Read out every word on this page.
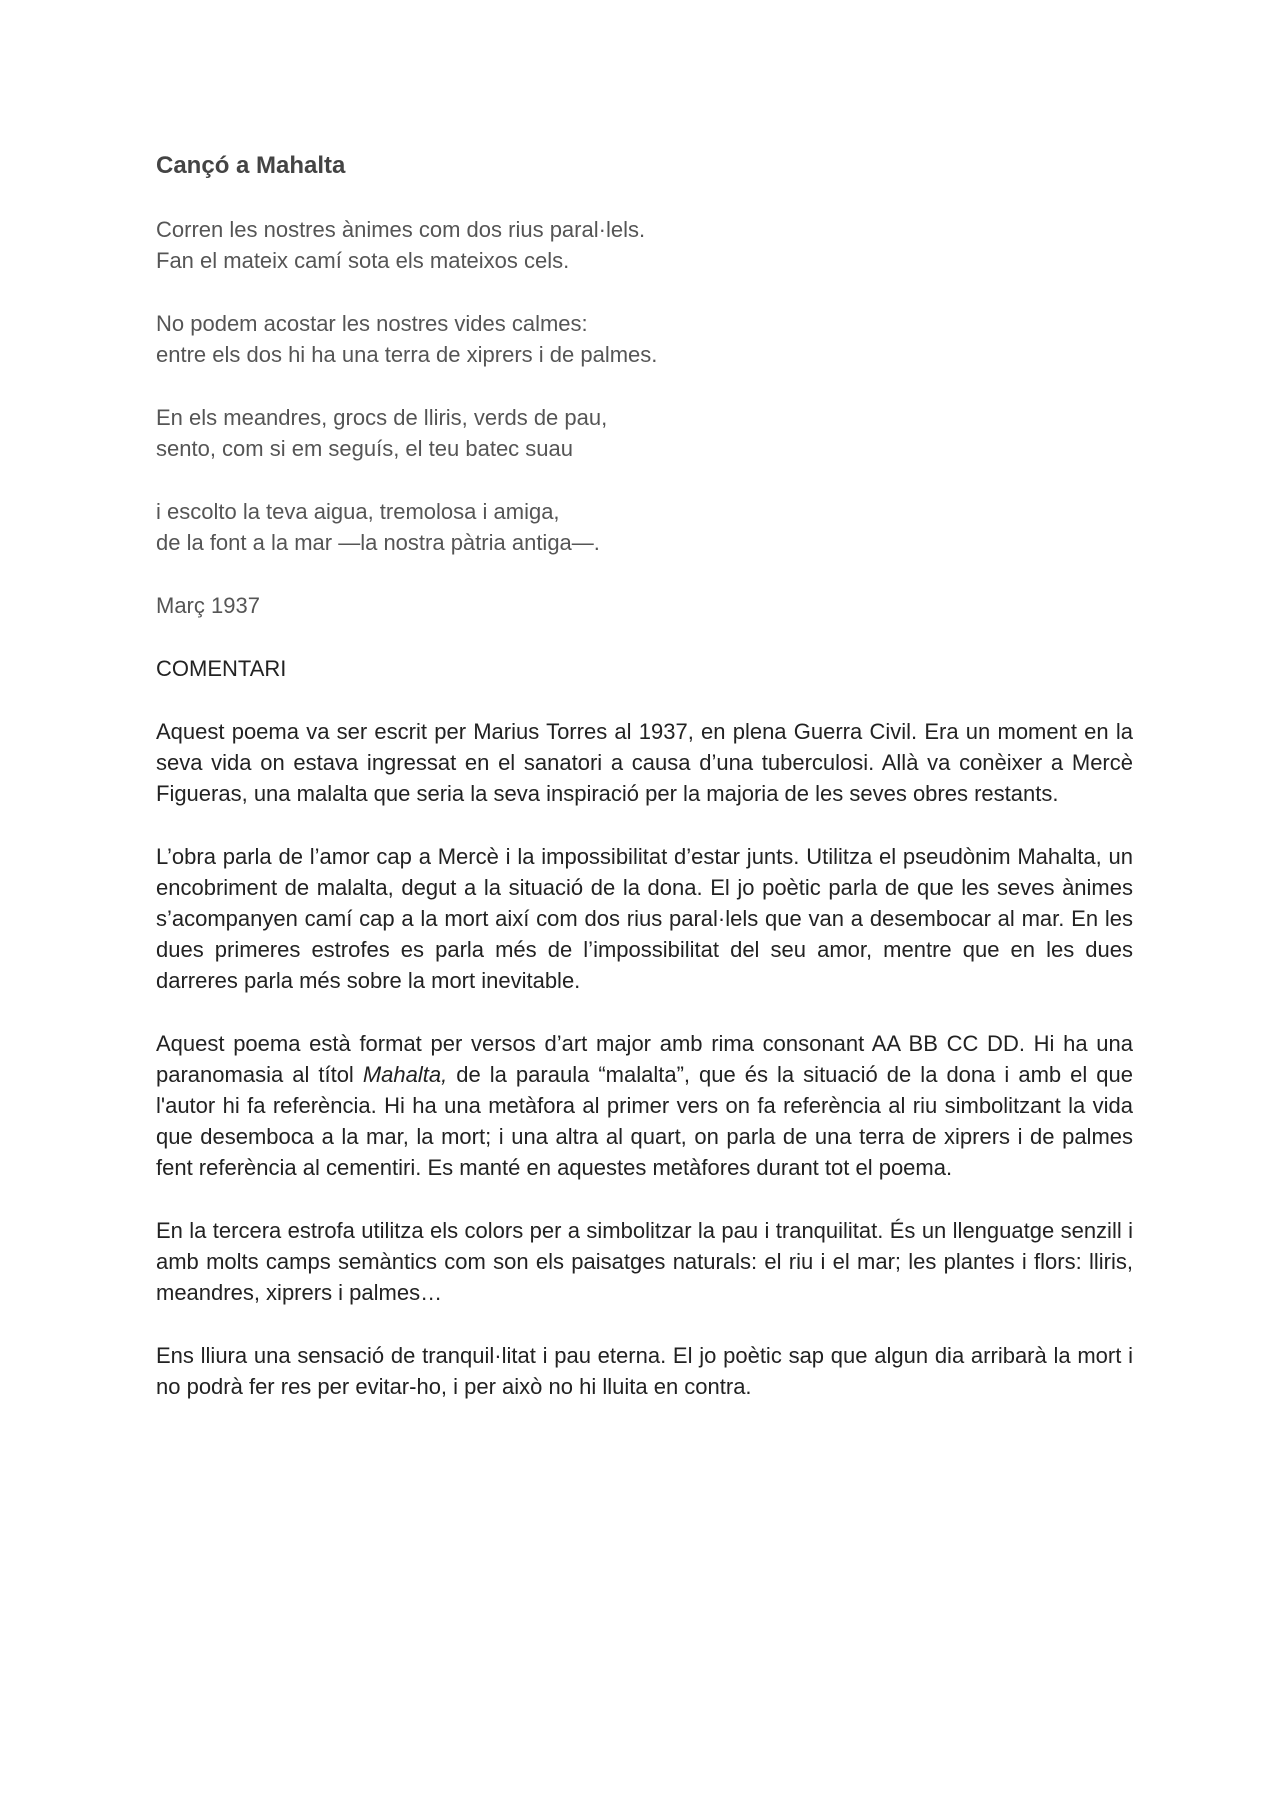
Cançó a Mahalta
Corren les nostres ànimes com dos rius paral·lels.
Fan el mateix camí sota els mateixos cels.
No podem acostar les nostres vides calmes:
entre els dos hi ha una terra de xiprers i de palmes.
En els meandres, grocs de lliris, verds de pau,
sento, com si em seguís, el teu batec suau
i escolto la teva aigua, tremolosa i amiga,
de la font a la mar —la nostra pàtria antiga—.
Març 1937
COMENTARI

Aquest poema va ser escrit per Marius Torres al 1937, en plena Guerra Civil. Era un moment en la seva vida on estava ingressat en el sanatori a causa d’una tuberculosi. Allà va conèixer a Mercè Figueras, una malalta que seria la seva inspiració per la majoria de les seves obres restants.

L’obra parla de l’amor cap a Mercè i la impossibilitat d’estar junts. Utilitza el pseudònim Mahalta, un encobriment de malalta, degut a la situació de la dona. El jo poètic parla de que les seves ànimes s’acompanyen camí cap a la mort així com dos rius paral·lels que van a desembocar al mar. En les dues primeres estrofes es parla més de l’impossibilitat del seu amor, mentre que en les dues darreres parla més sobre la mort inevitable.

Aquest poema està format per versos d’art major amb rima consonant AA BB CC DD. Hi ha una paranomasia al títol Mahalta, de la paraula “malalta”, que és la situació de la dona i amb el que l'autor hi fa referència. Hi ha una metàfora al primer vers on fa referència al riu simbolitzant la vida que desemboca a la mar, la mort; i una altra al quart, on parla de una terra de xiprers i de palmes fent referència al cementiri. Es manté en aquestes metàfores durant tot el poema.

En la tercera estrofa utilitza els colors per a simbolitzar la pau i tranquilitat. És un llenguatge senzill i amb molts camps semàntics com son els paisatges naturals: el riu i el mar; les plantes i flors: lliris, meandres, xiprers i palmes…

Ens lliura una sensació de tranquil·litat i pau eterna. El jo poètic sap que algun dia arribarà la mort i no podrà fer res per evitar-ho, i per això no hi lluita en contra.
